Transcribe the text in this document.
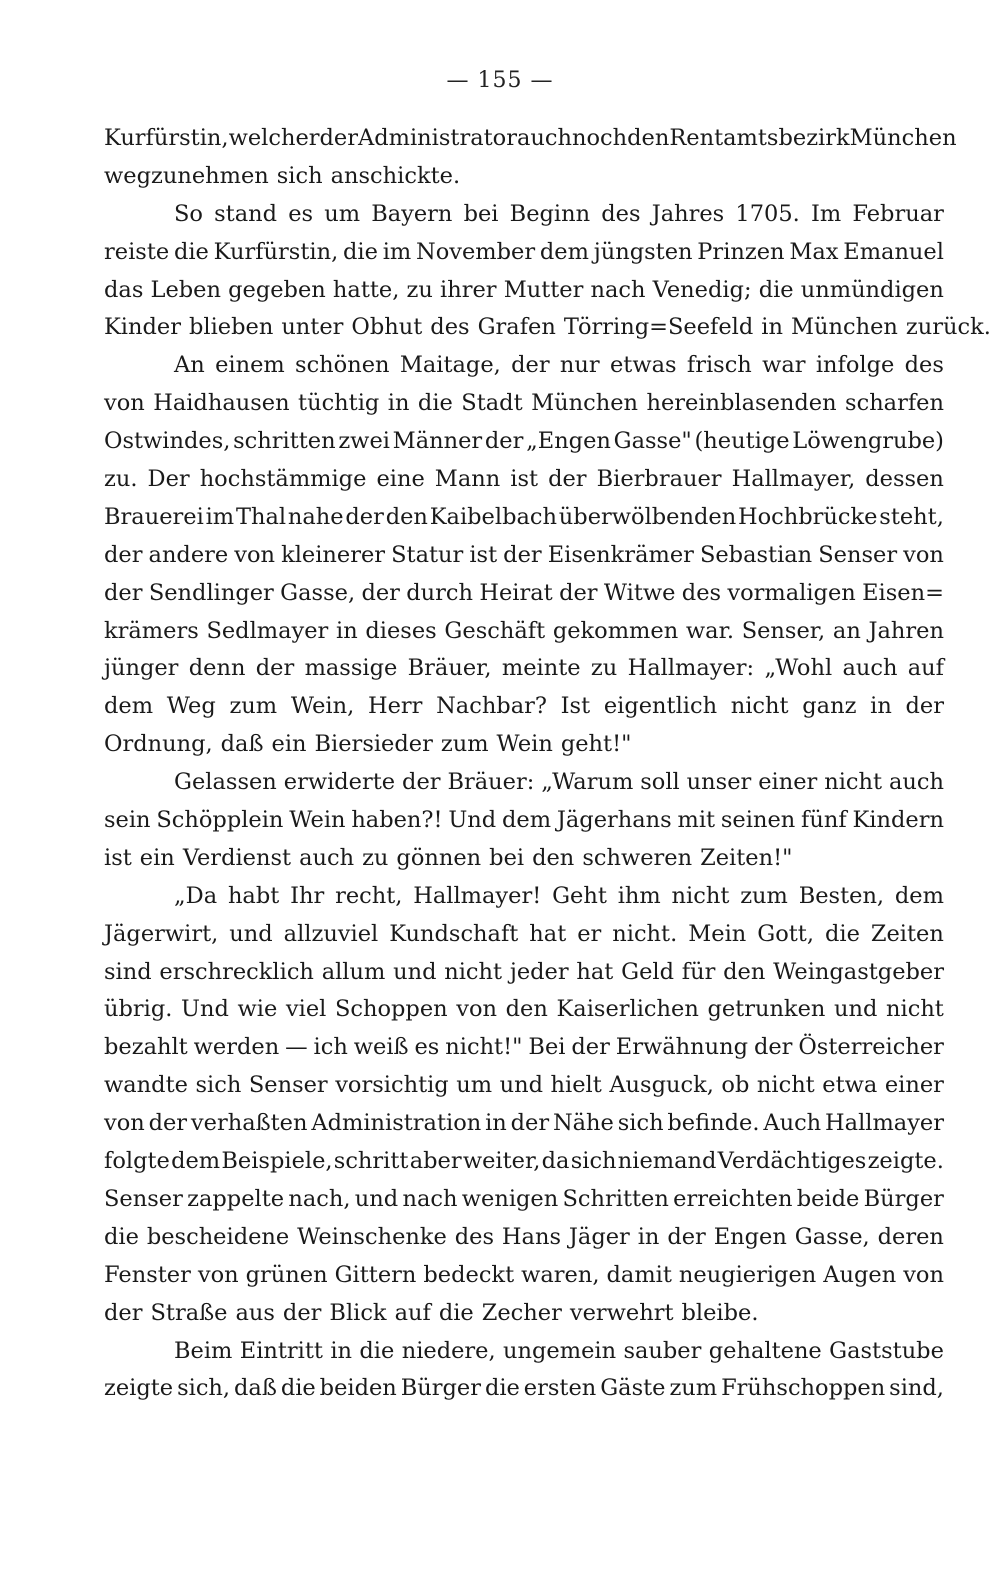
— 155 —
Kurfürstin, welcher der Administrator auch noch den Rentamtsbezirk München
wegzunehmen sich anschickte.
So stand es um Bayern bei Beginn des Jahres 1705. Im Februar
reiste die Kurfürstin, die im November dem jüngsten Prinzen Max Emanuel
das Leben gegeben hatte, zu ihrer Mutter nach Venedig; die unmündigen
Kinder blieben unter Obhut des Grafen Törring=Seefeld in München zurück.
An einem schönen Maitage, der nur etwas frisch war infolge des
von Haidhausen tüchtig in die Stadt München hereinblasenden scharfen
Ostwindes, schritten zwei Männer der „Engen Gasse" (heutige Löwengrube)
zu. Der hochstämmige eine Mann ist der Bierbrauer Hallmayer, dessen
Brauerei im Thal nahe der den Kaibelbach überwölbenden Hochbrücke steht,
der andere von kleinerer Statur ist der Eisenkrämer Sebastian Senser von
der Sendlinger Gasse, der durch Heirat der Witwe des vormaligen Eisen=
krämers Sedlmayer in dieses Geschäft gekommen war. Senser, an Jahren
jünger denn der massige Bräuer, meinte zu Hallmayer: „Wohl auch auf
dem Weg zum Wein, Herr Nachbar? Ist eigentlich nicht ganz in der
Ordnung, daß ein Biersieder zum Wein geht!"
Gelassen erwiderte der Bräuer: „Warum soll unser einer nicht auch
sein Schöpplein Wein haben?! Und dem Jägerhans mit seinen fünf Kindern
ist ein Verdienst auch zu gönnen bei den schweren Zeiten!"
„Da habt Ihr recht, Hallmayer! Geht ihm nicht zum Besten, dem
Jägerwirt, und allzuviel Kundschaft hat er nicht. Mein Gott, die Zeiten
sind erschrecklich allum und nicht jeder hat Geld für den Weingastgeber
übrig. Und wie viel Schoppen von den Kaiserlichen getrunken und nicht
bezahlt werden — ich weiß es nicht!" Bei der Erwähnung der Österreicher
wandte sich Senser vorsichtig um und hielt Ausguck, ob nicht etwa einer
von der verhaßten Administration in der Nähe sich befinde. Auch Hallmayer
folgte dem Beispiele, schritt aber weiter, da sich niemand Verdächtiges zeigte.
Senser zappelte nach, und nach wenigen Schritten erreichten beide Bürger
die bescheidene Weinschenke des Hans Jäger in der Engen Gasse, deren
Fenster von grünen Gittern bedeckt waren, damit neugierigen Augen von
der Straße aus der Blick auf die Zecher verwehrt bleibe.
Beim Eintritt in die niedere, ungemein sauber gehaltene Gaststube
zeigte sich, daß die beiden Bürger die ersten Gäste zum Frühschoppen sind,
